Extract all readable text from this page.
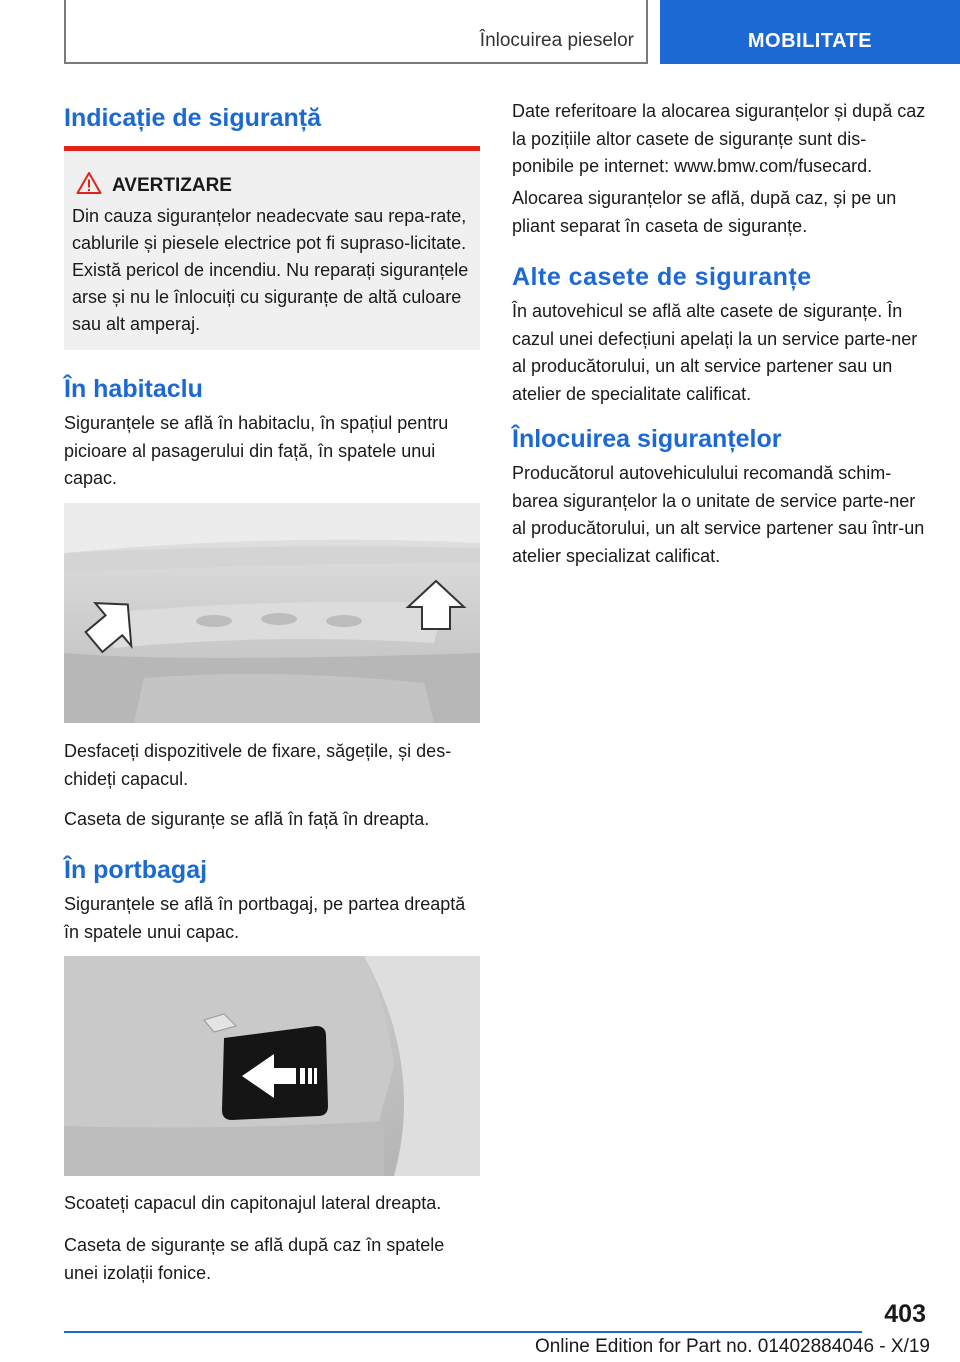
Înlocuirea pieselor	MOBILITATE
Indicație de siguranță
AVERTIZARE
Din cauza siguranțelor neadecvate sau repa-rate, cablurile și piesele electrice pot fi supraso-licitate. Există pericol de incendiu. Nu reparați siguranțele arse și nu le înlocuiți cu siguranțe de altă culoare sau alt amperaj.
În habitaclu

Siguranțele se află în habitaclu, în spațiul pentru picioare al pasagerului din față, în spatele unui capac.

Desfaceți dispozitivele de fixare, săgețile, și des-chideți capacul.

Caseta de siguranțe se află în față în dreapta.

În portbagaj

Siguranțele se află în portbagaj, pe partea dreaptă în spatele unui capac.

Scoateți capacul din capitonajul lateral dreapta.

Caseta de siguranțe se află după caz în spatele unei izolații fonice.

Date referitoare la alocarea siguranțelor și după caz la pozițiile altor casete de siguranțe sunt dis-ponibile pe internet: www.bmw.com/fusecard.

Alocarea siguranțelor se află, după caz, și pe un pliant separat în caseta de siguranțe.

Alte casete de siguranțe

În autovehicul se află alte casete de siguranțe. În cazul unei defecțiuni apelați la un service parte-ner al producătorului, un alt service partener sau un atelier de specialitate calificat.

Înlocuirea siguranțelor

Producătorul autovehiculului recomandă schim-barea siguranțelor la o unitate de service parte-ner al producătorului, un alt service partener sau într-un atelier specializat calificat.

403
Online Edition for Part no. 01402884046 - X/19
